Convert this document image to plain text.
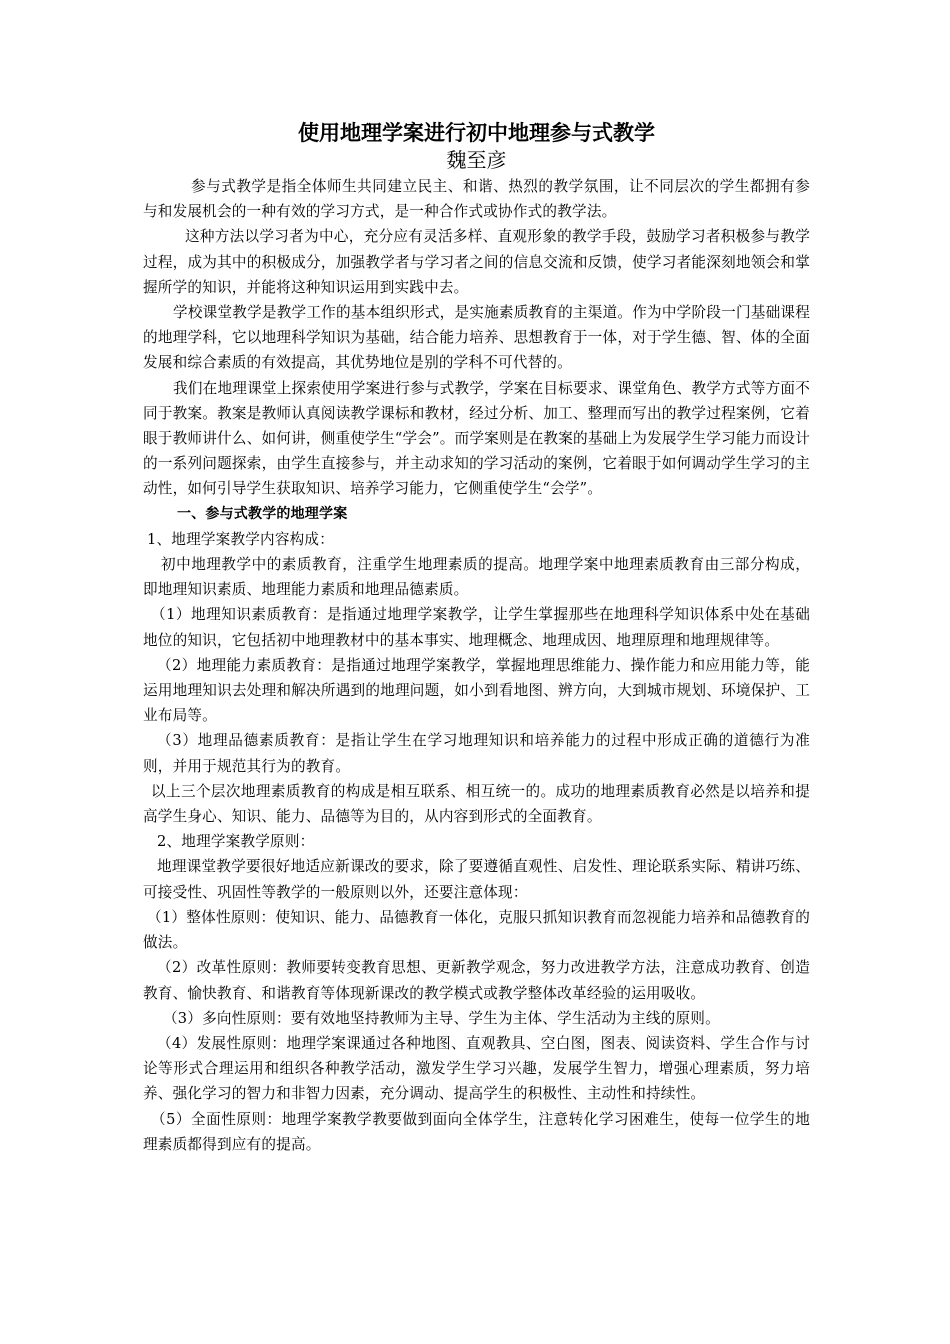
使用地理学案进行初中地理参与式教学
魏至彦

参与式教学是指全体师生共同建立民主、和谐、热烈的教学氛围，让不同层次的学生都拥有参与和发展机会的一种有效的学习方式，是一种合作式或协作式的教学法。

这种方法以学习者为中心，充分应有灵活多样、直观形象的教学手段，鼓励学习者积极参与教学过程，成为其中的积极成分，加强教学者与学习者之间的信息交流和反馈，使学习者能深刻地领会和掌握所学的知识，并能将这种知识运用到实践中去。

学校课堂教学是教学工作的基本组织形式，是实施素质教育的主渠道。作为中学阶段一门基础课程的地理学科，它以地理科学知识为基础，结合能力培养、思想教育于一体，对于学生德、智、体的全面发展和综合素质的有效提高，其优势地位是别的学科不可代替的。

我们在地理课堂上探索使用学案进行参与式教学，学案在目标要求、课堂角色、教学方式等方面不同于教案。教案是教师认真阅读教学课标和教材，经过分析、加工、整理而写出的教学过程案例，它着眼于教师讲什么、如何讲，侧重使学生“学会”。而学案则是在教案的基础上为发展学生学习能力而设计的一系列问题探索，由学生直接参与，并主动求知的学习活动的案例，它着眼于如何调动学生学习的主动性，如何引导学生获取知识、培养学习能力，它侧重使学生“会学”。

一、参与式教学的地理学案

1、地理学案教学内容构成：

初中地理教学中的素质教育，注重学生地理素质的提高。地理学案中地理素质教育由三部分构成，即地理知识素质、地理能力素质和地理品德素质。

（1）地理知识素质教育：是指通过地理学案教学，让学生掌握那些在地理科学知识体系中处在基础地位的知识，它包括初中地理教材中的基本事实、地理概念、地理成因、地理原理和地理规律等。

（2）地理能力素质教育：是指通过地理学案教学，掌握地理思维能力、操作能力和应用能力等，能运用地理知识去处理和解决所遇到的地理问题，如小到看地图、辨方向，大到城市规划、环境保护、工业布局等。

（3）地理品德素质教育：是指让学生在学习地理知识和培养能力的过程中形成正确的道德行为准则，并用于规范其行为的教育。

以上三个层次地理素质教育的构成是相互联系、相互统一的。成功的地理素质教育必然是以培养和提高学生身心、知识、能力、品德等为目的，从内容到形式的全面教育。

2、地理学案教学原则：

地理课堂教学要很好地适应新课改的要求，除了要遵循直观性、启发性、理论联系实际、精讲巧练、可接受性、巩固性等教学的一般原则以外，还要注意体现：

（1）整体性原则：使知识、能力、品德教育一体化，克服只抓知识教育而忽视能力培养和品德教育的做法。

（2）改革性原则：教师要转变教育思想、更新教学观念，努力改进教学方法，注意成功教育、创造教育、愉快教育、和谐教育等体现新课改的教学模式或教学整体改革经验的运用吸收。

（3）多向性原则：要有效地坚持教师为主导、学生为主体、学生活动为主线的原则。

（4）发展性原则：地理学案课通过各种地图、直观教具、空白图，图表、阅读资料、学生合作与讨论等形式合理运用和组织各种教学活动，激发学生学习兴趣，发展学生智力，增强心理素质，努力培养、强化学习的智力和非智力因素，充分调动、提高学生的积极性、主动性和持续性。

（5）全面性原则：地理学案教学教要做到面向全体学生，注意转化学习困难生，使每一位学生的地理素质都得到应有的提高。
